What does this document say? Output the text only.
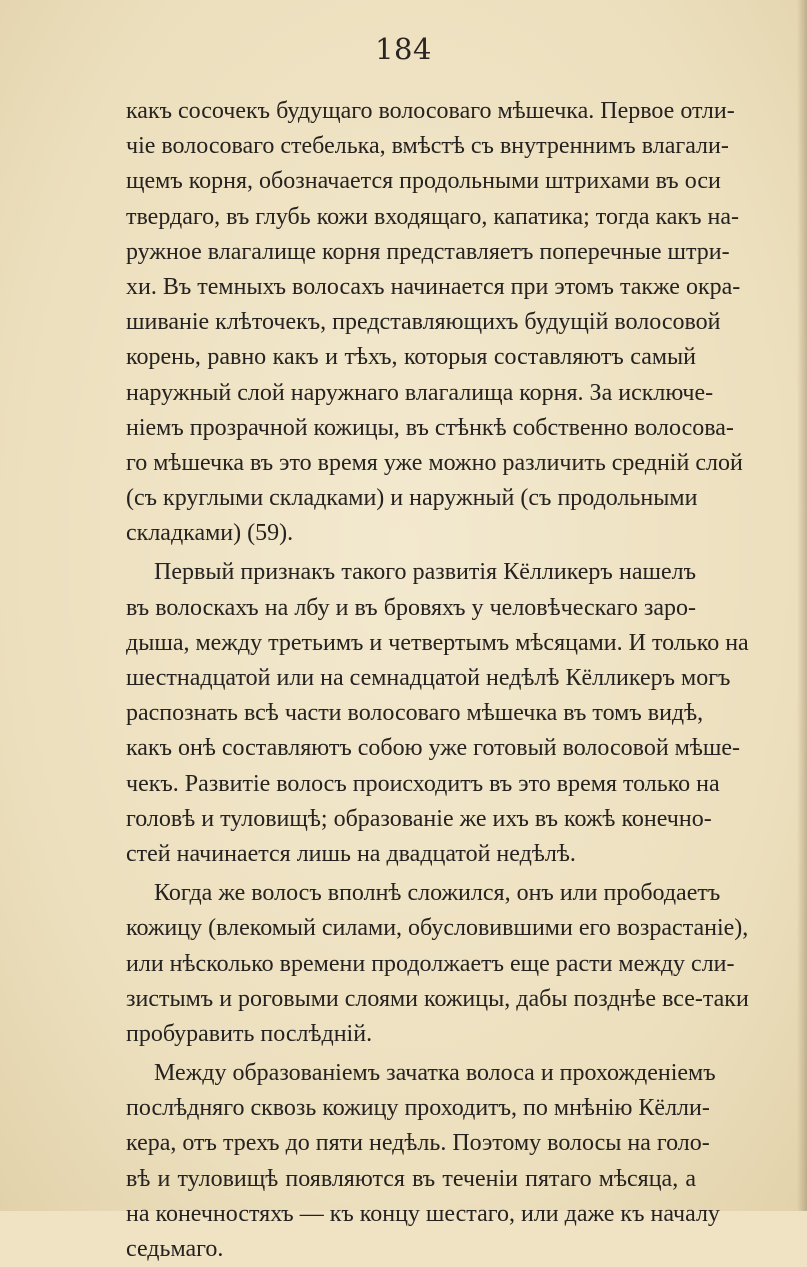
184
какъ сосочекъ будущаго волосоваго мѣшечка. Первое отли-
чіе волосоваго стебелька, вмѣстѣ съ внутреннимъ влагали-
щемъ корня, обозначается продольными штрихами въ оси
твердаго, въ глубь кожи входящаго, капатика; тогда какъ на-
ружное влагалище корня представляетъ поперечные штри-
хи. Въ темныхъ волосахъ начинается при этомъ также окра-
шиваніе клѣточекъ, представляющихъ будущій волосовой
корень, равно какъ и тѣхъ, которыя составляютъ самый
наружный слой наружнаго влагалища корня. За исключе-
ніемъ прозрачной кожицы, въ стѣнкѣ собственно волосова-
го мѣшечка въ это время уже можно различить средній слой
(съ круглыми складками) и наружный (съ продольными
складками) (59).
Первый признакъ такого развитія Кёлликеръ нашелъ
въ волоскахъ на лбу и въ бровяхъ у человѣческаго заро-
дыша, между третьимъ и четвертымъ мѣсяцами. И только на
шестнадцатой или на семнадцатой недѣлѣ Кёлликеръ могъ
распознать всѣ части волосоваго мѣшечка въ томъ видѣ,
какъ онѣ составляютъ собою уже готовый волосовой мѣше-
чекъ. Развитіе волосъ происходитъ въ это время только на
головѣ и туловищѣ; образованіе же ихъ въ кожѣ конечно-
стей начинается лишь на двадцатой недѣлѣ.
Когда же волосъ вполнѣ сложился, онъ или прободаетъ
кожицу (влекомый силами, обусловившими его возрастаніе),
или нѣсколько времени продолжаетъ еще расти между сли-
зистымъ и роговыми слоями кожицы, дабы позднѣе все-таки
пробуравить послѣдній.
Между образованіемъ зачатка волоса и прохожденіемъ
послѣдняго сквозь кожицу проходитъ, по мнѣнію Кёлли-
кера, отъ трехъ до пяти недѣль. Поэтому волосы на голо-
вѣ и туловищѣ появляются въ теченіи пятаго мѣсяца, а
на конечностяхъ — къ концу шестаго, или даже къ началу
седьмаго.
